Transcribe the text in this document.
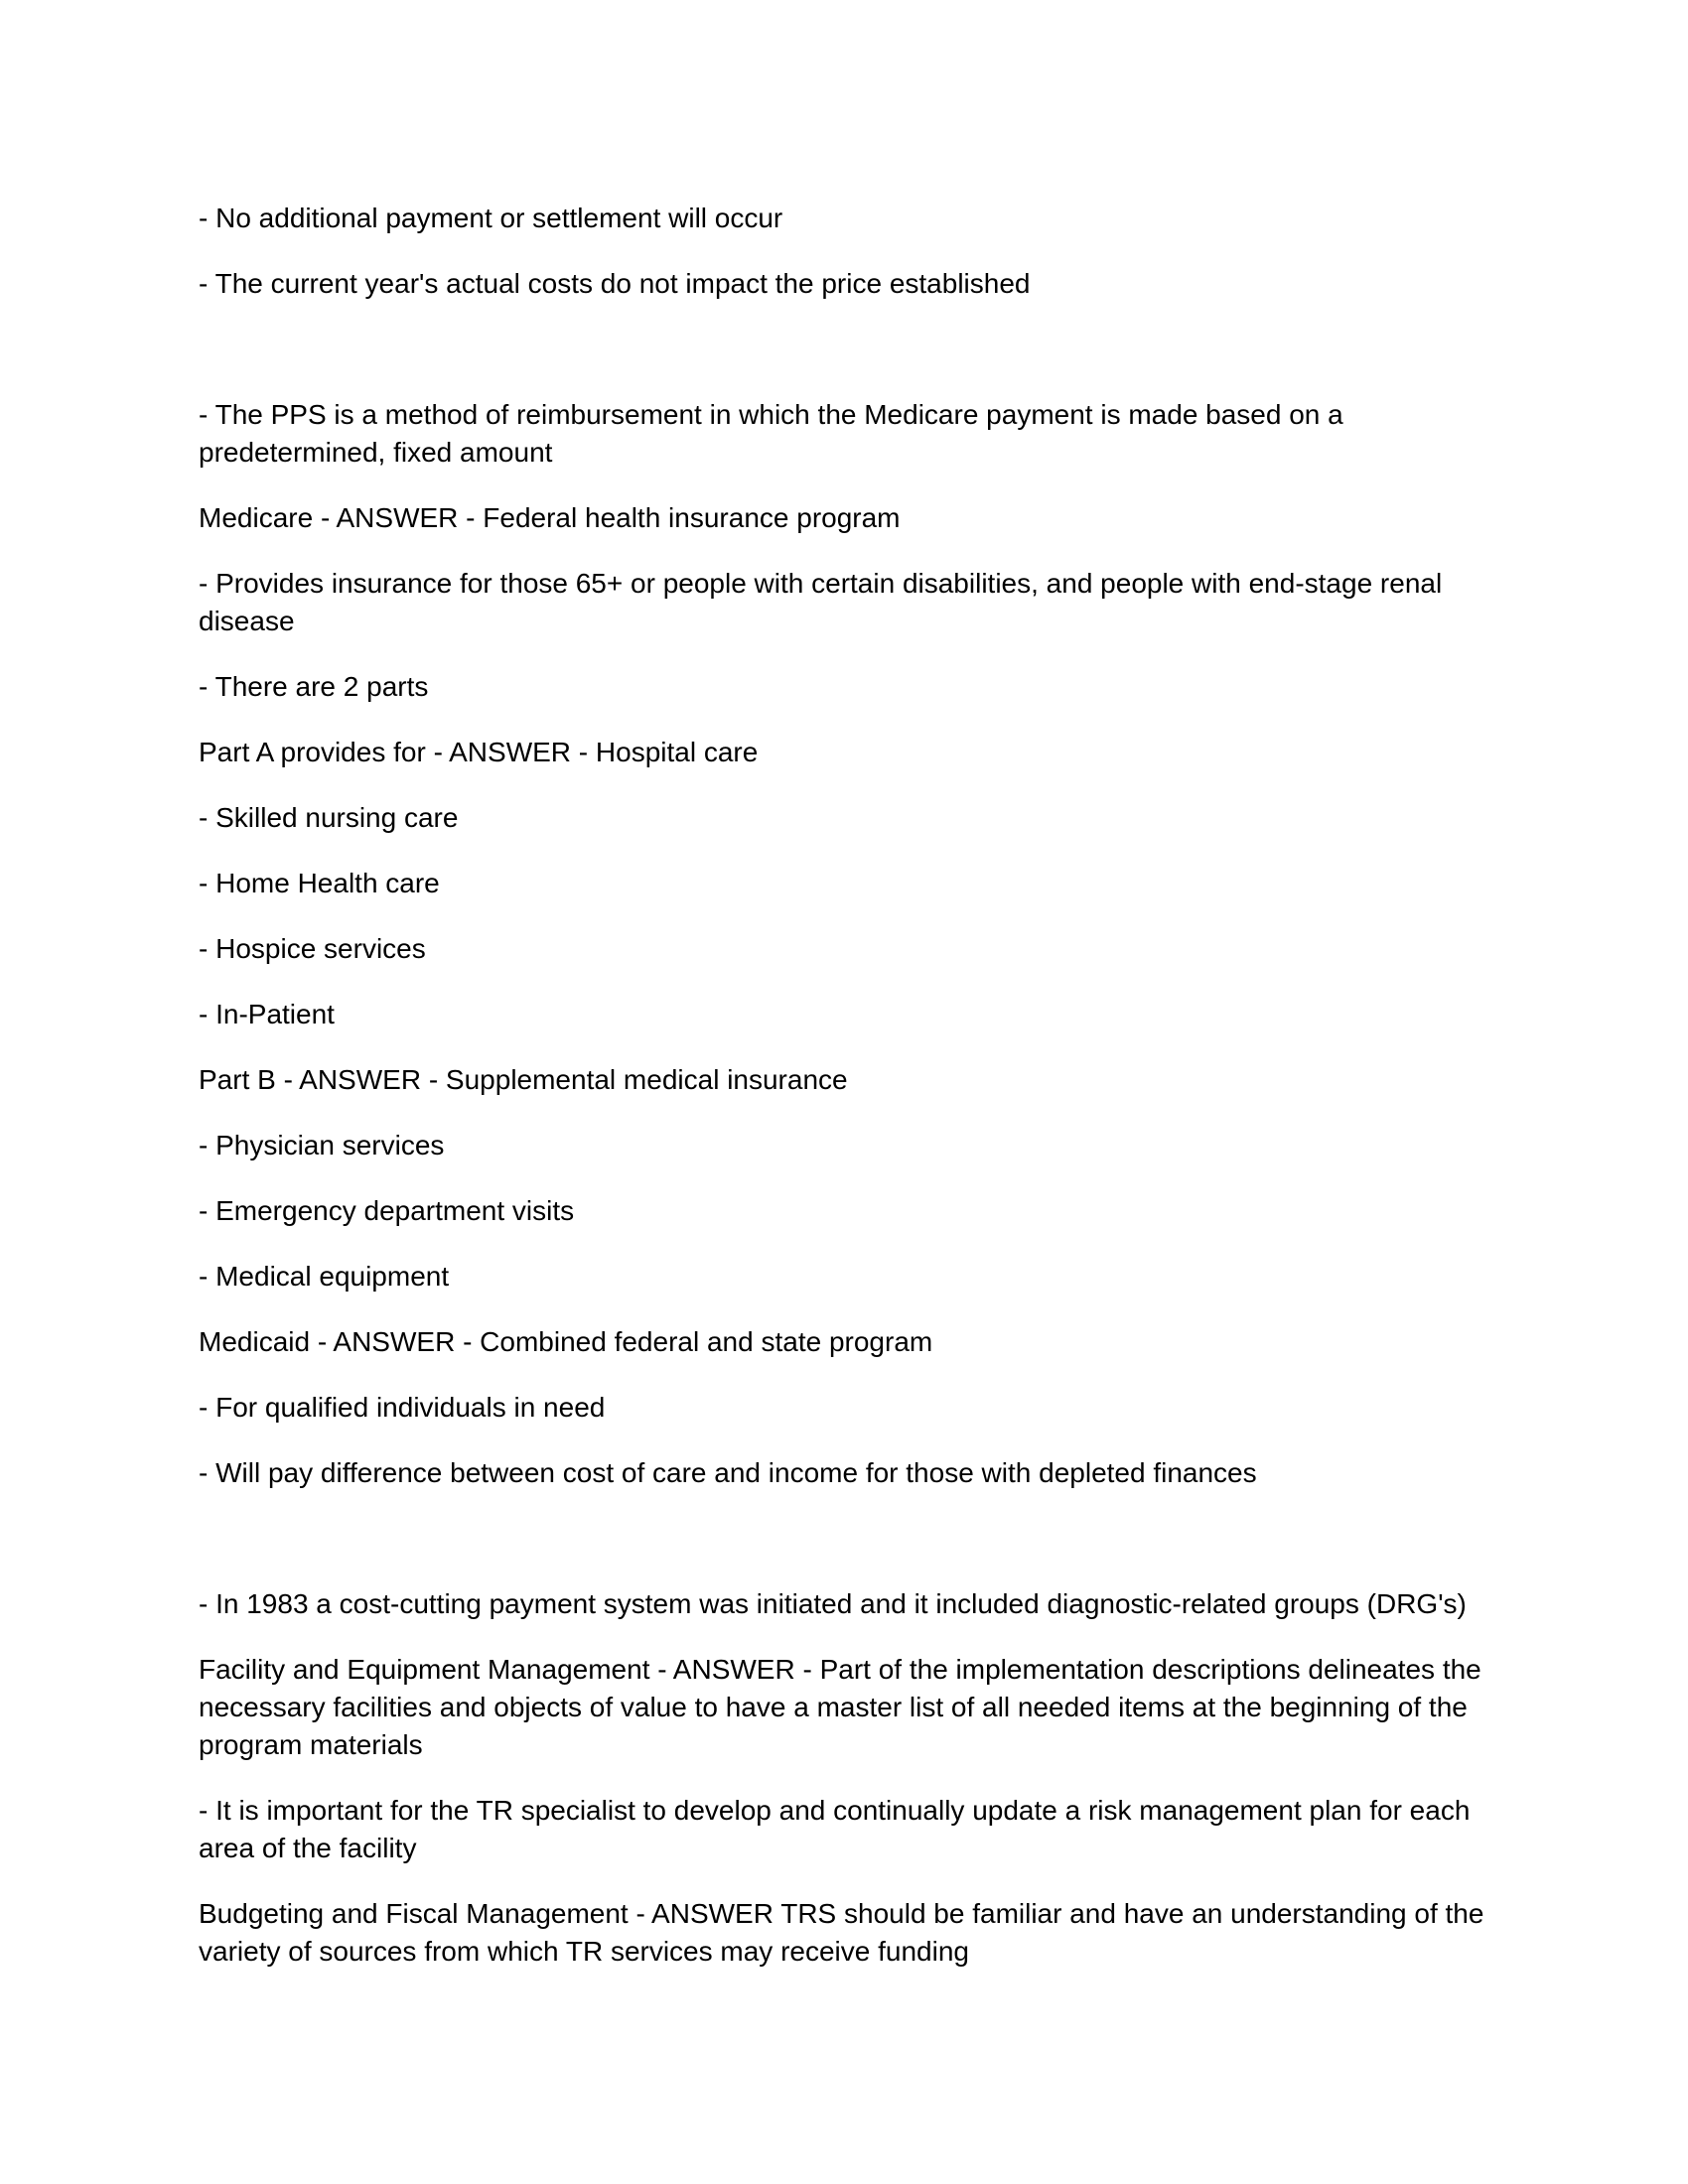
- No additional payment or settlement will occur

- The current year's actual costs do not impact the price established

- The PPS is a method of reimbursement in which the Medicare payment is made based on a predetermined, fixed amount

Medicare - ANSWER - Federal health insurance program

- Provides insurance for those 65+ or people with certain disabilities, and people with end-stage renal disease

- There are 2 parts

Part A provides for - ANSWER - Hospital care

- Skilled nursing care

- Home Health care

- Hospice services

- In-Patient

Part B - ANSWER - Supplemental medical insurance

- Physician services

- Emergency department visits

- Medical equipment

Medicaid - ANSWER - Combined federal and state program

- For qualified individuals in need

- Will pay difference between cost of care and income for those with depleted finances

- In 1983 a cost-cutting payment system was initiated and it included diagnostic-related groups (DRG's)

Facility and Equipment Management - ANSWER - Part of the implementation descriptions delineates the necessary facilities and objects of value to have a master list of all needed items at the beginning of the program materials

- It is important for the TR specialist to develop and continually update a risk management plan for each area of the facility

Budgeting and Fiscal Management - ANSWER TRS should be familiar and have an understanding of the variety of sources from which TR services may receive funding
